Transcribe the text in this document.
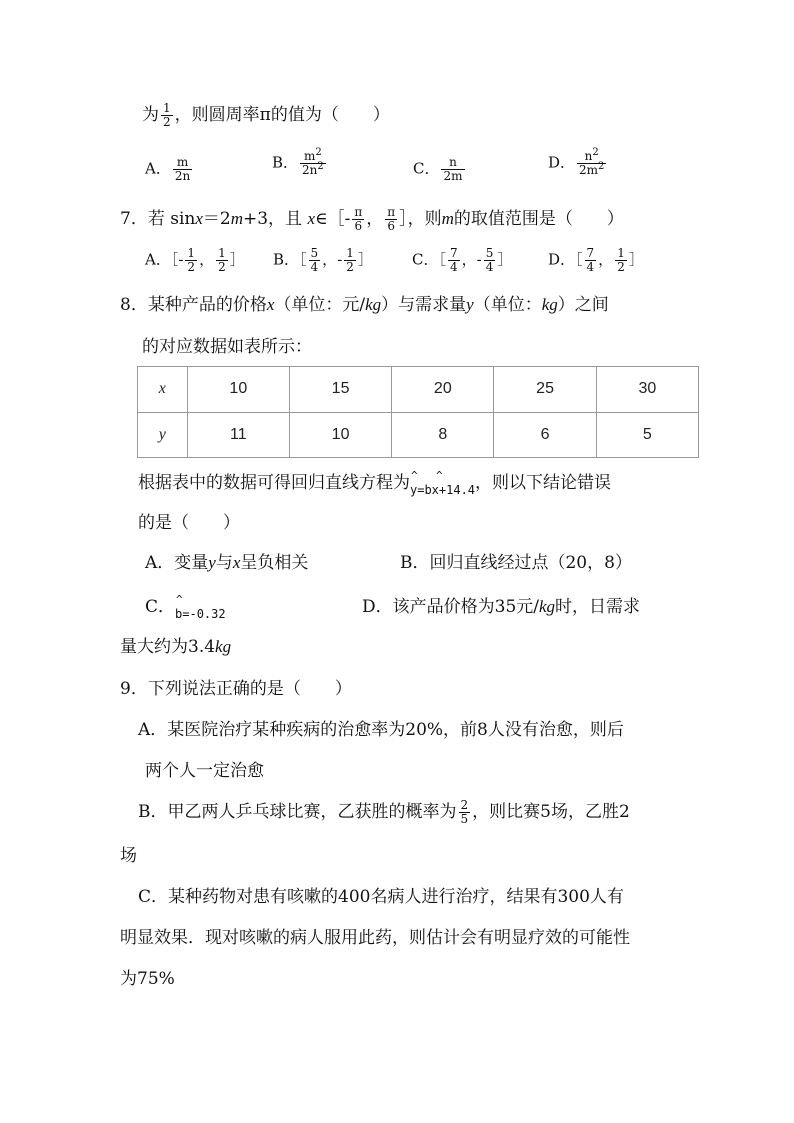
为 $\frac{1}{2}$ ，则圆周率π的值为（　　）
A． $\frac{m}{2n}$	B． $\frac{m^2}{2n^2}$	C． $\frac{n}{2m}$	D． $\frac{n^2}{2m^2}$
7．若 sinx＝2m+3，且 x∈［- $\frac{\pi}{6}$ ， $\frac{\pi}{6}$ ］，则m的取值范围是（　　）
A．［- $\frac{1}{2}$ ， $\frac{1}{2}$ ］ B．［ $\frac{5}{4}$ ，- $\frac{1}{2}$ ］	C．［ $\frac{7}{4}$ ，- $\frac{5}{4}$ ］ D．［ $\frac{7}{4}$ ， $\frac{1}{2}$ ］
8．某种产品的价格x（单位：元/kg）与需求量y（单位：kg）之间
的对应数据如表所示：
x	10	15	20	25	30
y	11	10	8	6	5
根据表中的数据可得回归直线方程为 ^ ^
y=bx+14.4，则以下结论错误
的是（　　）
A．变量y与x呈负相关	B．回归直线经过点（20，8）
C． ^
b=-0.32	D．该产品价格为35元/kg时，日需求
量大约为3.4kg
9．下列说法正确的是（　　）
A．某医院治疗某种疾病的治愈率为20%，前8人没有治愈，则后
两个人一定治愈
B．甲乙两人乒乓球比赛，乙获胜的概率为 $\frac{2}{5}$ ，则比赛5场，乙胜2
场
C．某种药物对患有咳嗽的400名病人进行治疗，结果有300人有
明显效果．现对咳嗽的病人服用此药，则估计会有明显疗效的可能性
为75%
